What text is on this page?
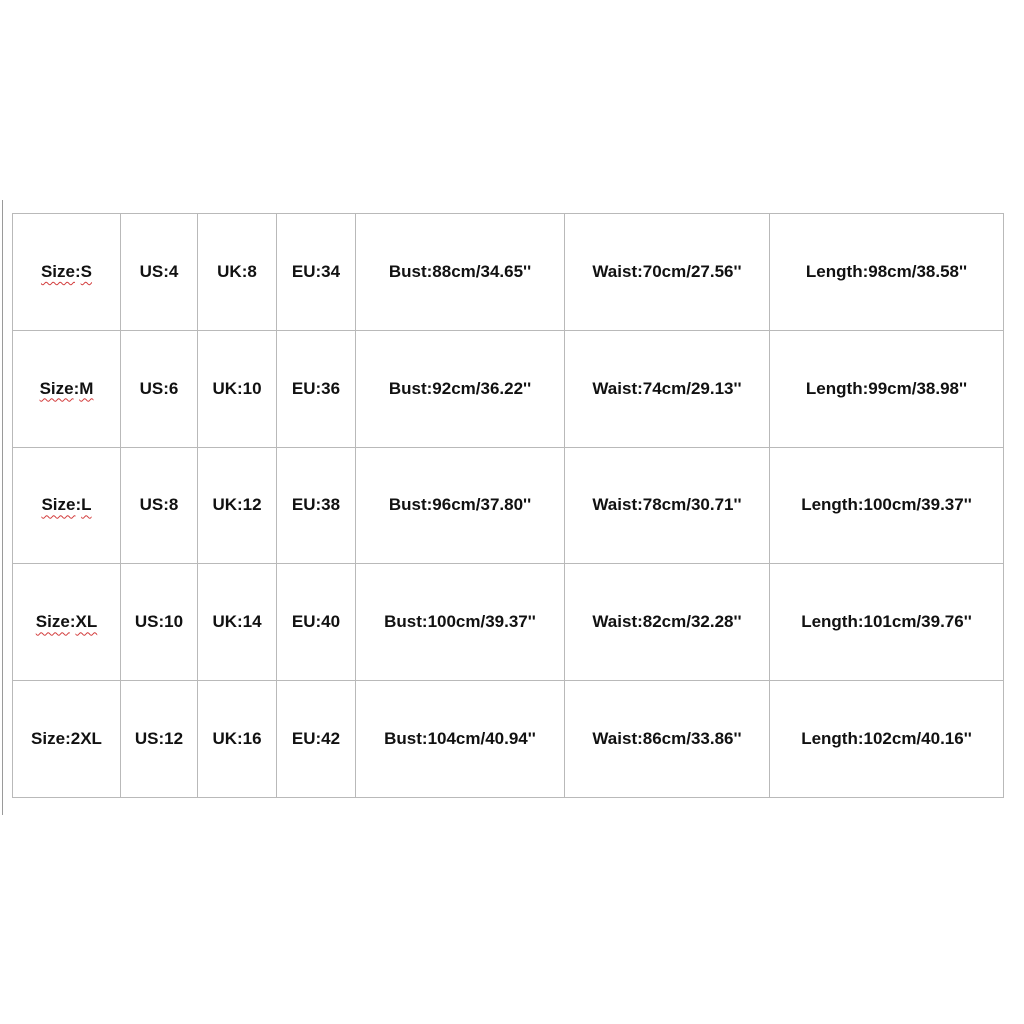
Size:S	US:4	UK:8	EU:34	Bust:88cm/34.65''	Waist:70cm/27.56''	Length:98cm/38.58''
Size:M	US:6	UK:10	EU:36	Bust:92cm/36.22''	Waist:74cm/29.13''	Length:99cm/38.98''
Size:L	US:8	UK:12	EU:38	Bust:96cm/37.80''	Waist:78cm/30.71''	Length:100cm/39.37''
Size:XL	US:10	UK:14	EU:40	Bust:100cm/39.37''	Waist:82cm/32.28''	Length:101cm/39.76''
Size:2XL	US:12	UK:16	EU:42	Bust:104cm/40.94''	Waist:86cm/33.86''	Length:102cm/40.16''
